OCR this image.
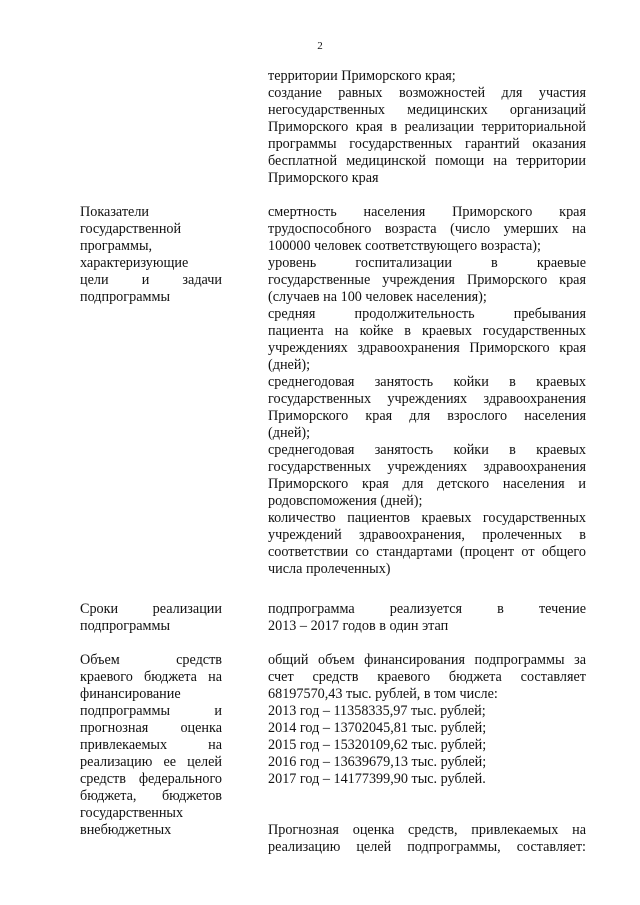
2
территории Приморского края;
создание равных возможностей для участия
негосударственных медицинских организаций
Приморского края в реализации территориальной
программы государственных гарантий оказания
бесплатной медицинской помощи на территории
Приморского края
Показатели
государственной
программы,
характеризующие
цели и задачи
подпрограммы
смертность населения Приморского края
трудоспособного возраста (число умерших на
100000 человек соответствующего возраста);
уровень госпитализации в краевые
государственные учреждения Приморского края
(случаев на 100 человек населения);
средняя продолжительность пребывания
пациента на койке в краевых государственных
учреждениях здравоохранения Приморского края
(дней);
среднегодовая занятость койки в краевых
государственных учреждениях здравоохранения
Приморского края для взрослого населения
(дней);
среднегодовая занятость койки в краевых
государственных учреждениях здравоохранения
Приморского края для детского населения и
родовспоможения (дней);
количество пациентов краевых государственных
учреждений здравоохранения, пролеченных в
соответствии со стандартами (процент от общего
числа пролеченных)
Сроки реализации
подпрограммы
подпрограмма реализуется в течение
2013 – 2017 годов в один этап
Объем средств
краевого бюджета на
финансирование
подпрограммы и
прогнозная оценка
привлекаемых на
реализацию ее целей
средств федерального
бюджета, бюджетов
государственных
внебюджетных
общий объем финансирования подпрограммы за
счет средств краевого бюджета составляет
68197570,43 тыс. рублей, в том числе:
2013 год – 11358335,97 тыс. рублей;
2014 год – 13702045,81 тыс. рублей;
2015 год – 15320109,62 тыс. рублей;
2016 год – 13639679,13 тыс. рублей;
2017 год – 14177399,90 тыс. рублей.
Прогнозная оценка средств, привлекаемых на
реализацию целей подпрограммы, составляет:
